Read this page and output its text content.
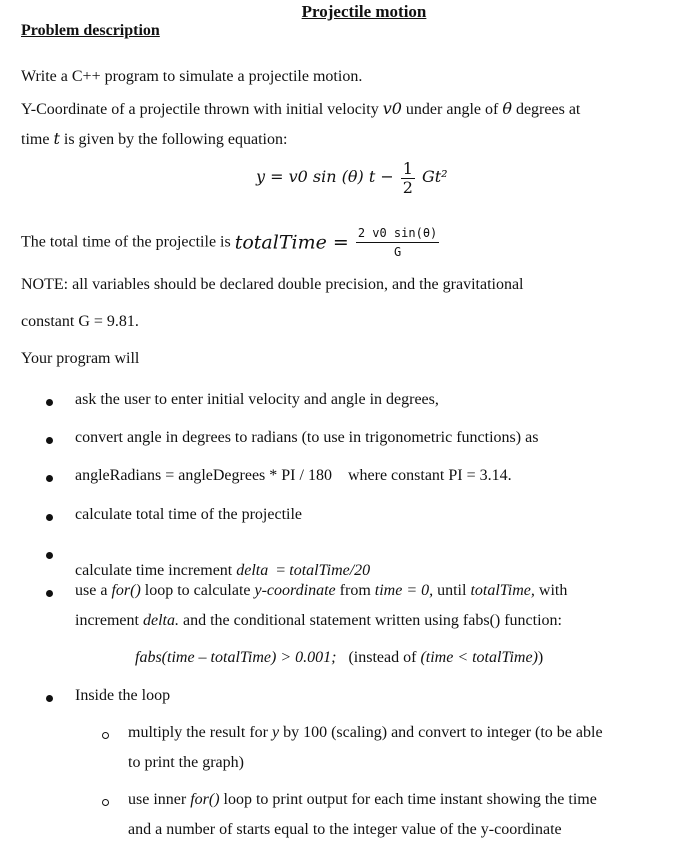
Projectile motion
Problem description
Write a C++ program to simulate a projectile motion.
Y-Coordinate of a projectile thrown with initial velocity v0 under angle of θ degrees at
time t is given by the following equation:
y = v0 sin (θ) $t - \frac{1}{2} Gt^2$
The total time of the projectile is totalTime = $\frac{2 v0 \sin(\theta)}{G}$
NOTE: all variables should be declared double precision, and the gravitational
constant G = 9.81.
Your program will
ask the user to enter initial velocity and angle in degrees,
convert angle in degrees to radians (to use in trigonometric functions) as
angleRadians = angleDegrees * PI / 180    where constant PI = 3.14.
calculate total time of the projectile

calculate time increment delta  = totalTime/20
use a for() loop to calculate y-coordinate from time = 0, until totalTime, with
increment delta. and the conditional statement written using fabs() function:
fabs(time – totalTime) > 0.001;   (instead of (time < totalTime))
Inside the loop
multiply the result for y by 100 (scaling) and convert to integer (to be able
to print the graph)
use inner for() loop to print output for each time instant showing the time
and a number of starts equal to the integer value of the y-coordinate
